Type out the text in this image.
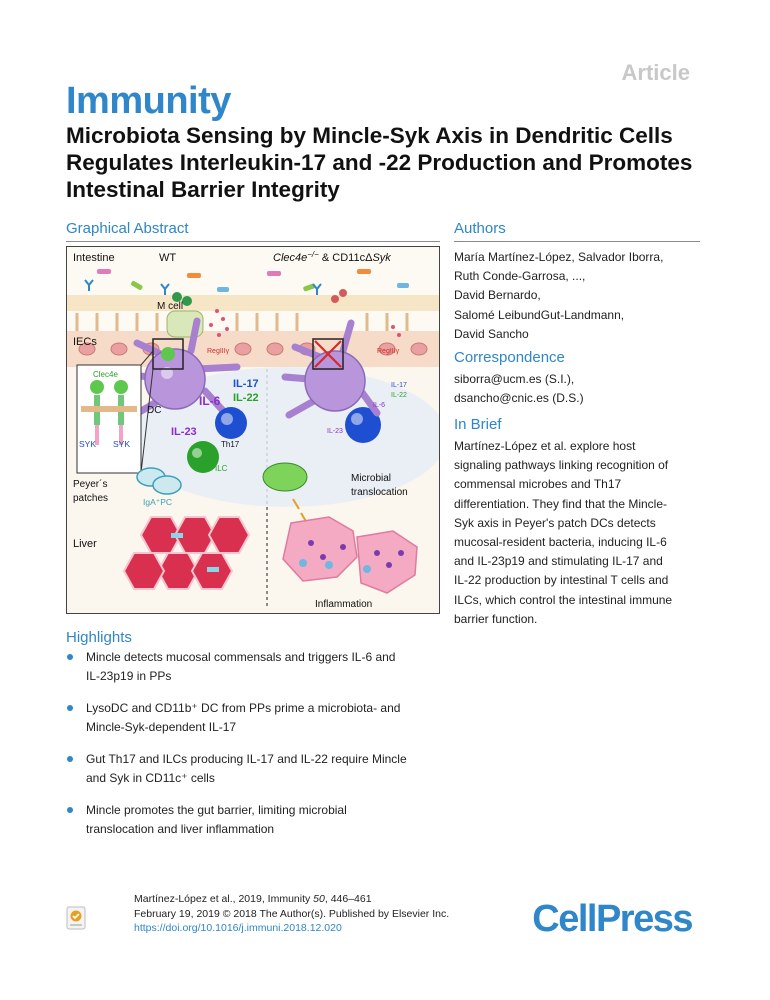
Article
Immunity
Microbiota Sensing by Mincle-Syk Axis in Dendritic Cells Regulates Interleukin-17 and -22 Production and Promotes Intestinal Barrier Integrity
Graphical Abstract
Intestine	WT	Clec4e−/− & CD11cΔSyk
M cell
IECs
Clec4e
SYK SYK
DC
IL-6
IL-17
IL-22
IL-23
Th17
ILC
IgA⁺PC
RegIIIγ	RegIIIγ
IL-17
IL-22
IL-6
IL-23
Peyer´s
patches
Microbial
translocation
Liver
Inflammation
Authors
María Martínez-López, Salvador Iborra,
Ruth Conde-Garrosa, ...,
David Bernardo,
Salomé LeibundGut-Landmann,
David Sancho
Correspondence
siborra@ucm.es (S.I.),
dsancho@cnic.es (D.S.)
In Brief
Martínez-López et al. explore host
signaling pathways linking recognition of
commensal microbes and Th17
differentiation. They find that the Mincle-
Syk axis in Peyer's patch DCs detects
mucosal-resident bacteria, inducing IL-6
and IL-23p19 and stimulating IL-17 and
IL-22 production by intestinal T cells and
ILCs, which control the intestinal immune
barrier function.
Highlights
Mincle detects mucosal commensals and triggers IL-6 and
IL-23p19 in PPs
LysoDC and CD11b⁺ DC from PPs prime a microbiota- and
Mincle-Syk-dependent IL-17
Gut Th17 and ILCs producing IL-17 and IL-22 require Mincle
and Syk in CD11c⁺ cells
Mincle promotes the gut barrier, limiting microbial
translocation and liver inflammation
Martínez-López et al., 2019, Immunity 50, 446–461
February 19, 2019 © 2018 The Author(s). Published by Elsevier Inc.
https://doi.org/10.1016/j.immuni.2018.12.020	CellPress
